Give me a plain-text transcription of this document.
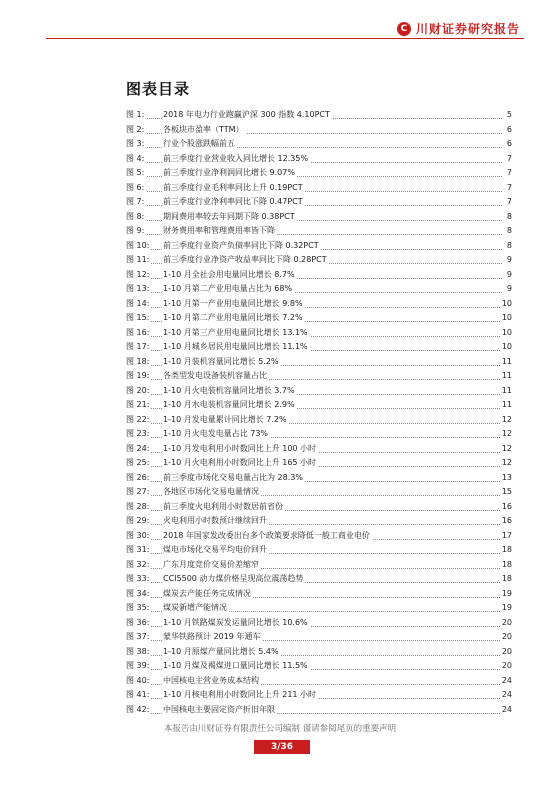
C 川财证券研究报告
图表目录
图 1: 2018 年电力行业跑赢沪深 300 指数 4.10PCT	5
图 2: 各板块市盈率（TTM）	6
图 3: 行业个股涨跌幅前五	6
图 4: 前三季度行业营业收入同比增长 12.35%	7
图 5: 前三季度行业净利润同比增长 9.07%	7
图 6: 前三季度行业毛利率同比上升 0.19PCT	7
图 7: 前三季度行业净利率同比下降 0.47PCT	7
图 8: 期间费用率较去年同期下降 0.38PCT	8
图 9: 财务费用率和管理费用率皆下降	8
图 10: 前三季度行业资产负债率同比下降 0.32PCT	8
图 11: 前三季度行业净资产收益率同比下降 0.28PCT	9
图 12: 1-10 月全社会用电量同比增长 8.7%	9
图 13: 1-10 月第二产业用电量占比为 68%	9
图 14: 1-10 月第一产业用电量同比增长 9.8%	10
图 15: 1-10 月第二产业用电量同比增长 7.2%	10
图 16: 1-10 月第三产业用电量同比增长 13.1%	10
图 17: 1-10 月城乡居民用电量同比增长 11.1%	10
图 18: 1-10 月装机容量同比增长 5.2%	11
图 19: 各类型发电设备装机容量占比	11
图 20: 1-10 月火电装机容量同比增长 3.7%	11
图 21: 1-10 月水电装机容量同比增长 2.9%	11
图 22: 1-10 月发电量累计同比增长 7.2%	12
图 23: 1-10 月火电发电量占比 73%	12
图 24: 1-10 月发电利用小时数同比上升 100 小时	12
图 25: 1-10 月火电利用小时数同比上升 165 小时	12
图 26: 前三季度市场化交易电量占比为 28.3%	13
图 27: 各地区市场化交易电量情况	15
图 28: 前三季度火电利用小时数居前省份	16
图 29: 火电利用小时数预计继续回升	16
图 30: 2018 年国家发改委出台多个政策要求降低一般工商业电价	17
图 31: 煤电市场化交易平均电价回升	18
图 32: 广东月度竞价交易价差缩窄	18
图 33: CCI5500 动力煤价格呈现高位震荡趋势	18
图 34: 煤炭去产能任务完成情况	19
图 35: 煤炭新增产能情况	19
图 36: 1-10 月铁路煤炭发运量同比增长 10.6%	20
图 37: 蒙华铁路预计 2019 年通车	20
图 38: 1-10 月原煤产量同比增长 5.4%	20
图 39: 1-10 月煤及褐煤进口量同比增长 11.5%	20
图 40: 中国核电主营业务成本结构	24
图 41: 1-10 月核电利用小时数同比上升 211 小时	24
图 42: 中国核电主要固定资产折旧年限	24
本报告由川财证券有限责任公司编制 谨请参阅尾页的重要声明
3/36
